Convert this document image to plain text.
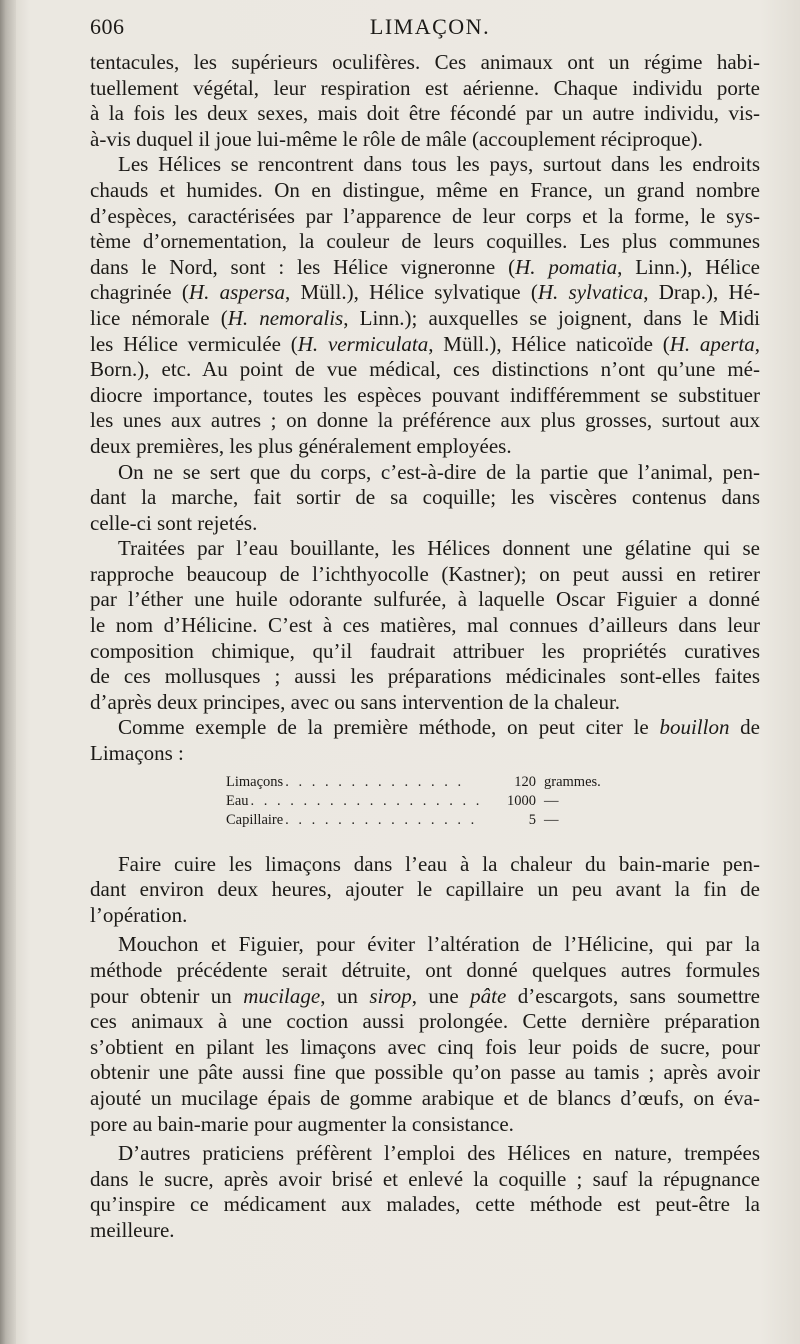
606	LIMAÇON.
tentacules, les supérieurs oculifères. Ces animaux ont un régime habi-
tuellement végétal, leur respiration est aérienne. Chaque individu porte
à la fois les deux sexes, mais doit être fécondé par un autre individu, vis-
à-vis duquel il joue lui-même le rôle de mâle (accouplement réciproque).
Les Hélices se rencontrent dans tous les pays, surtout dans les endroits
chauds et humides. On en distingue, même en France, un grand nombre
d’espèces, caractérisées par l’apparence de leur corps et la forme, le sys-
tème d’ornementation, la couleur de leurs coquilles. Les plus communes
dans le Nord, sont : les Hélice vigneronne (H. pomatia, Linn.), Hélice
chagrinée (H. aspersa, Müll.), Hélice sylvatique (H. sylvatica, Drap.), Hé-
lice némorale (H. nemoralis, Linn.); auxquelles se joignent, dans le Midi
les Hélice vermiculée (H. vermiculata, Müll.), Hélice naticoïde (H. aperta,
Born.), etc. Au point de vue médical, ces distinctions n’ont qu’une mé-
diocre importance, toutes les espèces pouvant indifféremment se substituer
les unes aux autres ; on donne la préférence aux plus grosses, surtout aux
deux premières, les plus généralement employées.
On ne se sert que du corps, c’est-à-dire de la partie que l’animal, pen-
dant la marche, fait sortir de sa coquille; les viscères contenus dans
celle-ci sont rejetés.
Traitées par l’eau bouillante, les Hélices donnent une gélatine qui se
rapproche beaucoup de l’ichthyocolle (Kastner); on peut aussi en retirer
par l’éther une huile odorante sulfurée, à laquelle Oscar Figuier a donné
le nom d’Hélicine. C’est à ces matières, mal connues d’ailleurs dans leur
composition chimique, qu’il faudrait attribuer les propriétés curatives
de ces mollusques ; aussi les préparations médicinales sont-elles faites
d’après deux principes, avec ou sans intervention de la chaleur.
Comme exemple de la première méthode, on peut citer le bouillon de
Limaçons :
Limaçons . . . . . . . . . . . . . .	120 grammes.
Eau . . . . . . . . . . . . . . . . . .	1000 —
Capillaire . . . . . . . . . . . . . . .	5 —
Faire cuire les limaçons dans l’eau à la chaleur du bain-marie pen-
dant environ deux heures, ajouter le capillaire un peu avant la fin de
l’opération.
Mouchon et Figuier, pour éviter l’altération de l’Hélicine, qui par la
méthode précédente serait détruite, ont donné quelques autres formules
pour obtenir un mucilage, un sirop, une pâte d’escargots, sans soumettre
ces animaux à une coction aussi prolongée. Cette dernière préparation
s’obtient en pilant les limaçons avec cinq fois leur poids de sucre, pour
obtenir une pâte aussi fine que possible qu’on passe au tamis ; après avoir
ajouté un mucilage épais de gomme arabique et de blancs d’œufs, on éva-
pore au bain-marie pour augmenter la consistance.
D’autres praticiens préfèrent l’emploi des Hélices en nature, trempées
dans le sucre, après avoir brisé et enlevé la coquille ; sauf la répugnance
qu’inspire ce médicament aux malades, cette méthode est peut-être la
meilleure.
